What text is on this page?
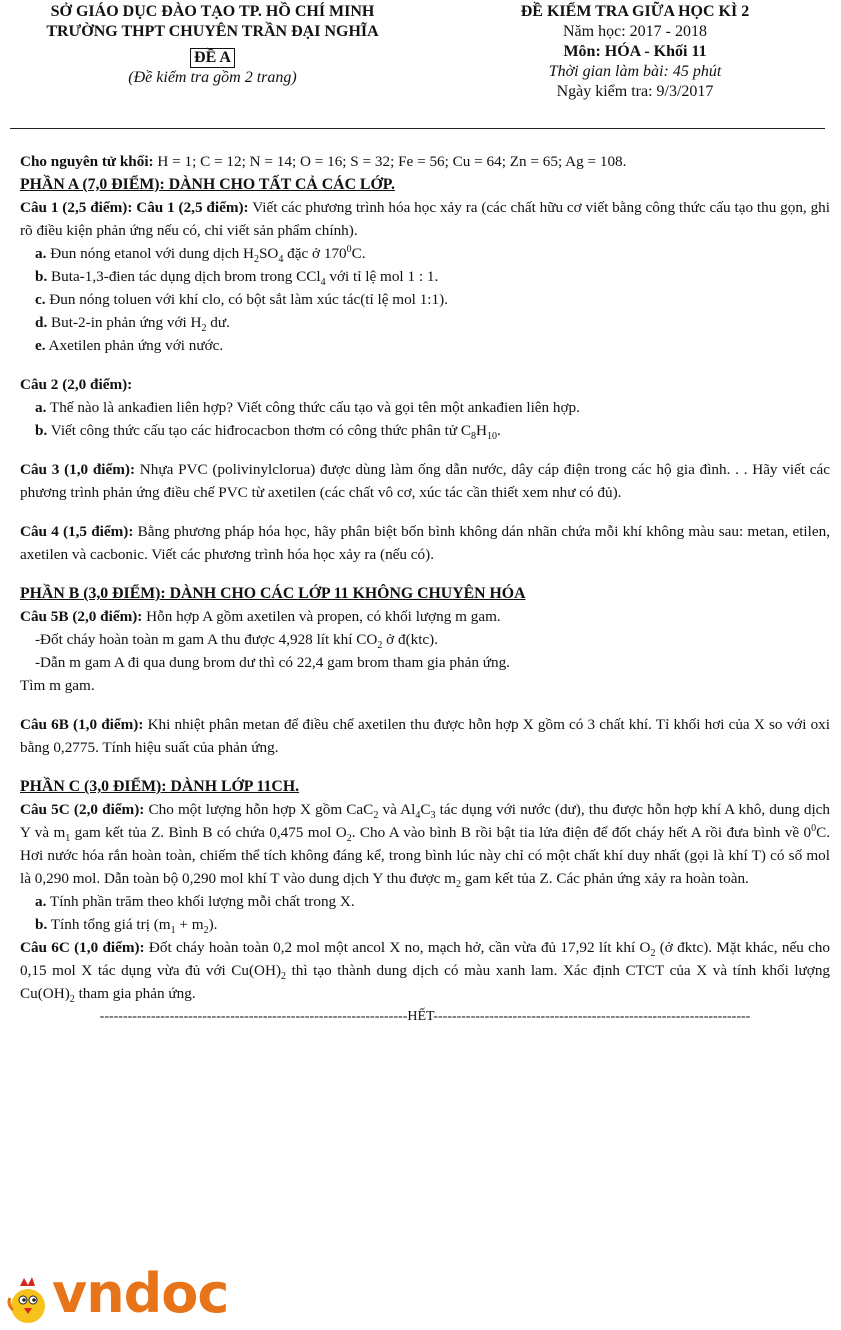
SỞ GIÁO DỤC ĐÀO TẠO TP. HỒ CHÍ MINH

TRƯỜNG THPT CHUYÊN TRẦN ĐẠI NGHĨA

ĐỀ A

(Đề kiểm tra gồm 2 trang)

ĐỀ KIỂM TRA GIỮA HỌC KÌ 2

Năm học: 2017 - 2018

Môn: HÓA - Khối 11

Thời gian làm bài: 45 phút

Ngày kiểm tra: 9/3/2017

Cho nguyên tử khối: H = 1; C = 12; N = 14; O = 16; S = 32; Fe = 56; Cu = 64; Zn = 65; Ag = 108.

PHẦN A (7,0 ĐIỂM): DÀNH CHO TẤT CẢ CÁC LỚP.

Câu 1 (2,5 điểm): Câu 1 (2,5 điểm): Viết các phương trình hóa học xảy ra (các chất hữu cơ viết bằng công thức cấu tạo thu gọn, ghi rõ điều kiện phản ứng nếu có, chỉ viết sản phẩm chính).

a. Đun nóng etanol với dung dịch $H_2SO_4$ đặc ở $170^0C$.

b. Buta-1,3-đien tác dụng dịch brom trong CCl$_4$ với tỉ lệ mol 1 : 1.

c. Đun nóng toluen với khí clo, có bột sắt làm xúc tác(tỉ lệ mol 1:1).

d. But-2-in phản ứng với $H_2$ dư.

e. Axetilen phản ứng với nước.

Câu 2 (2,0 điểm):

a. Thế nào là ankađien liên hợp? Viết công thức cấu tạo và gọi tên một ankađien liên hợp.

b. Viết công thức cấu tạo các hiđrocacbon thơm có công thức phân tử $C_8H_{10}$.

Câu 3 (1,0 điểm): Nhựa PVC (polivinylclorua) được dùng làm ống dẫn nước, dây cáp điện trong các hộ gia đình. . . Hãy viết các phương trình phản ứng điều chế PVC từ axetilen (các chất vô cơ, xúc tác cần thiết xem như có đủ).

Câu 4 (1,5 điểm): Bằng phương pháp hóa học, hãy phân biệt bốn bình không dán nhãn chứa mỗi khí không màu sau: metan, etilen, axetilen và cacbonic. Viết các phương trình hóa học xảy ra (nếu có).

PHẦN B (3,0 ĐIỂM): DÀNH CHO CÁC LỚP 11 KHÔNG CHUYÊN HÓA

Câu 5B (2,0 điểm): Hỗn hợp A gồm axetilen và propen, có khối lượng m gam.

-Đốt cháy hoàn toàn m gam A thu được 4,928 lít khí $CO_2$ ở đ(ktc).

-Dẫn m gam A đi qua dung brom dư thì có 22,4 gam brom tham gia phản ứng.

Tìm m gam.

Câu 6B (1,0 điểm): Khi nhiệt phân metan để điều chế axetilen thu được hỗn hợp X gồm có 3 chất khí. Tỉ khối hơi của X so với oxi bằng 0,2775. Tính hiệu suất của phản ứng.

PHẦN C (3,0 ĐIỂM): DÀNH LỚP 11CH.

Câu 5C (2,0 điểm): Cho một lượng hỗn hợp X gồm CaC$_2$ và $Al_4C_3$ tác dụng với nước (dư), thu được hỗn hợp khí A khô, dung dịch Y và $m_1$ gam kết tủa Z. Bình B có chứa 0,475 mol $O_2$. Cho A vào bình B rồi bật tia lửa điện để đốt cháy hết A rồi đưa bình về $0^0C$. Hơi nước hóa rắn hoàn toàn, chiếm thể tích không đáng kể, trong bình lúc này chỉ có một chất khí duy nhất (gọi là khí T) có số mol là 0,290 mol. Dẫn toàn bộ 0,290 mol khí T vào dung dịch Y thu được $m_2$ gam kết tủa Z. Các phản ứng xảy ra hoàn toàn.

a. Tính phần trăm theo khối lượng mỗi chất trong X.

b. Tính tổng giá trị $(m_1 + m_2)$.

Câu 6C (1,0 điểm): Đốt cháy hoàn toàn 0,2 mol một ancol X no, mạch hở, cần vừa đủ 17,92 lít khí $O_2$ (ở đktc). Mặt khác, nếu cho 0,15 mol X tác dụng vừa đủ với $Cu(OH)_2$ thì tạo thành dung dịch có màu xanh lam. Xác định CTCT của X và tính khối lượng $Cu(OH)_2$ tham gia phản ứng.

------------------------------------------------------------------HẾT--------------------------------------------------------------------

vndoc
